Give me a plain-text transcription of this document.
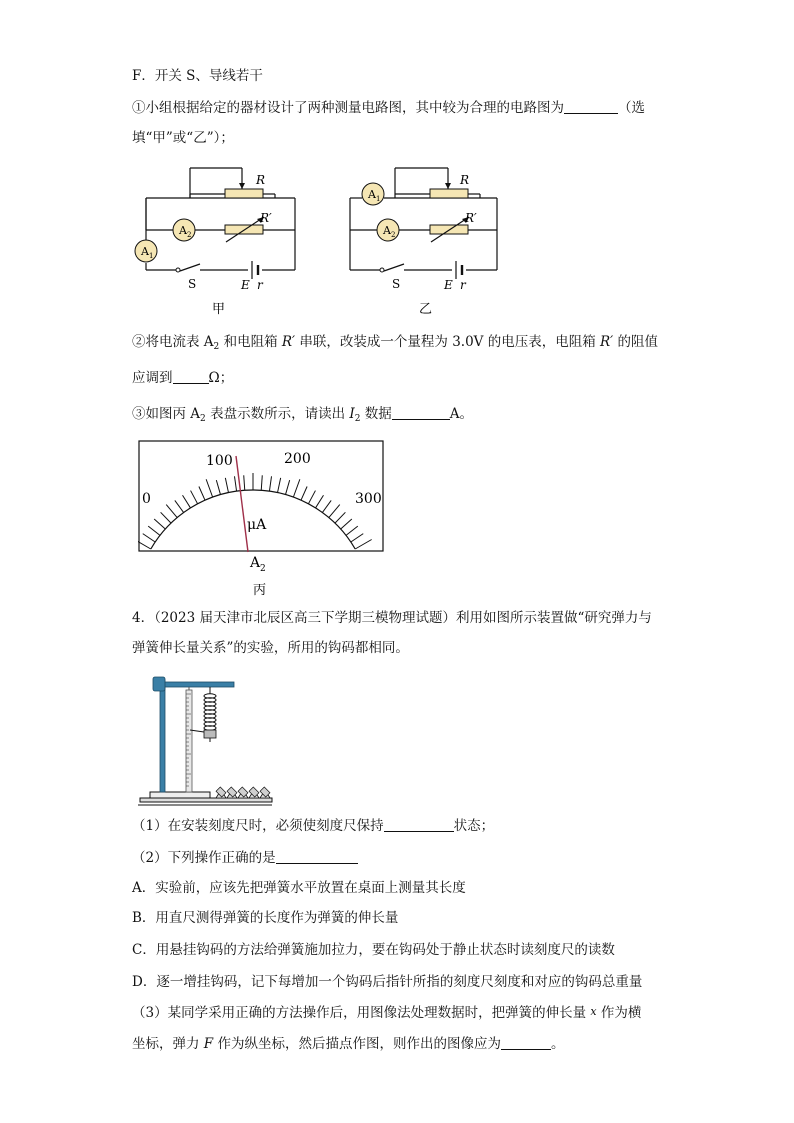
F．开关 S、导线若干
①小组根据给定的器材设计了两种测量电路图，其中较为合理的电路图为	（选
填“甲”或“乙”）；
A 2
A 1
R
R′
S	E r
甲
A 1
A 2
R
R′
S	E r
乙
②将电流表 $A_2$ 和电阻箱 R′ 串联，改装成一个量程为 3.0V 的电压表，电阻箱 R′ 的阻值
应调到	Ω；
③如图丙 $A_2$ 表盘示数所示，请读出 $I_2$ 数据	A。
0
100	200
300
μA
A 2
丙
4．（2023 届天津市北辰区高三下学期三模物理试题）利用如图所示装置做“研究弹力与
弹簧伸长量关系”的实验，所用的钩码都相同。
（1）在安装刻度尺时，必须使刻度尺保持	状态；
（2）下列操作正确的是
A．实验前，应该先把弹簧水平放置在桌面上测量其长度
B．用直尺测得弹簧的长度作为弹簧的伸长量
C．用悬挂钩码的方法给弹簧施加拉力，要在钩码处于静止状态时读刻度尺的读数
D．逐一增挂钩码，记下每增加一个钩码后指针所指的刻度尺刻度和对应的钩码总重量
（3）某同学采用正确的方法操作后，用图像法处理数据时，把弹簧的伸长量 x 作为横
坐标，弹力 F 作为纵坐标，然后描点作图，则作出的图像应为	。
